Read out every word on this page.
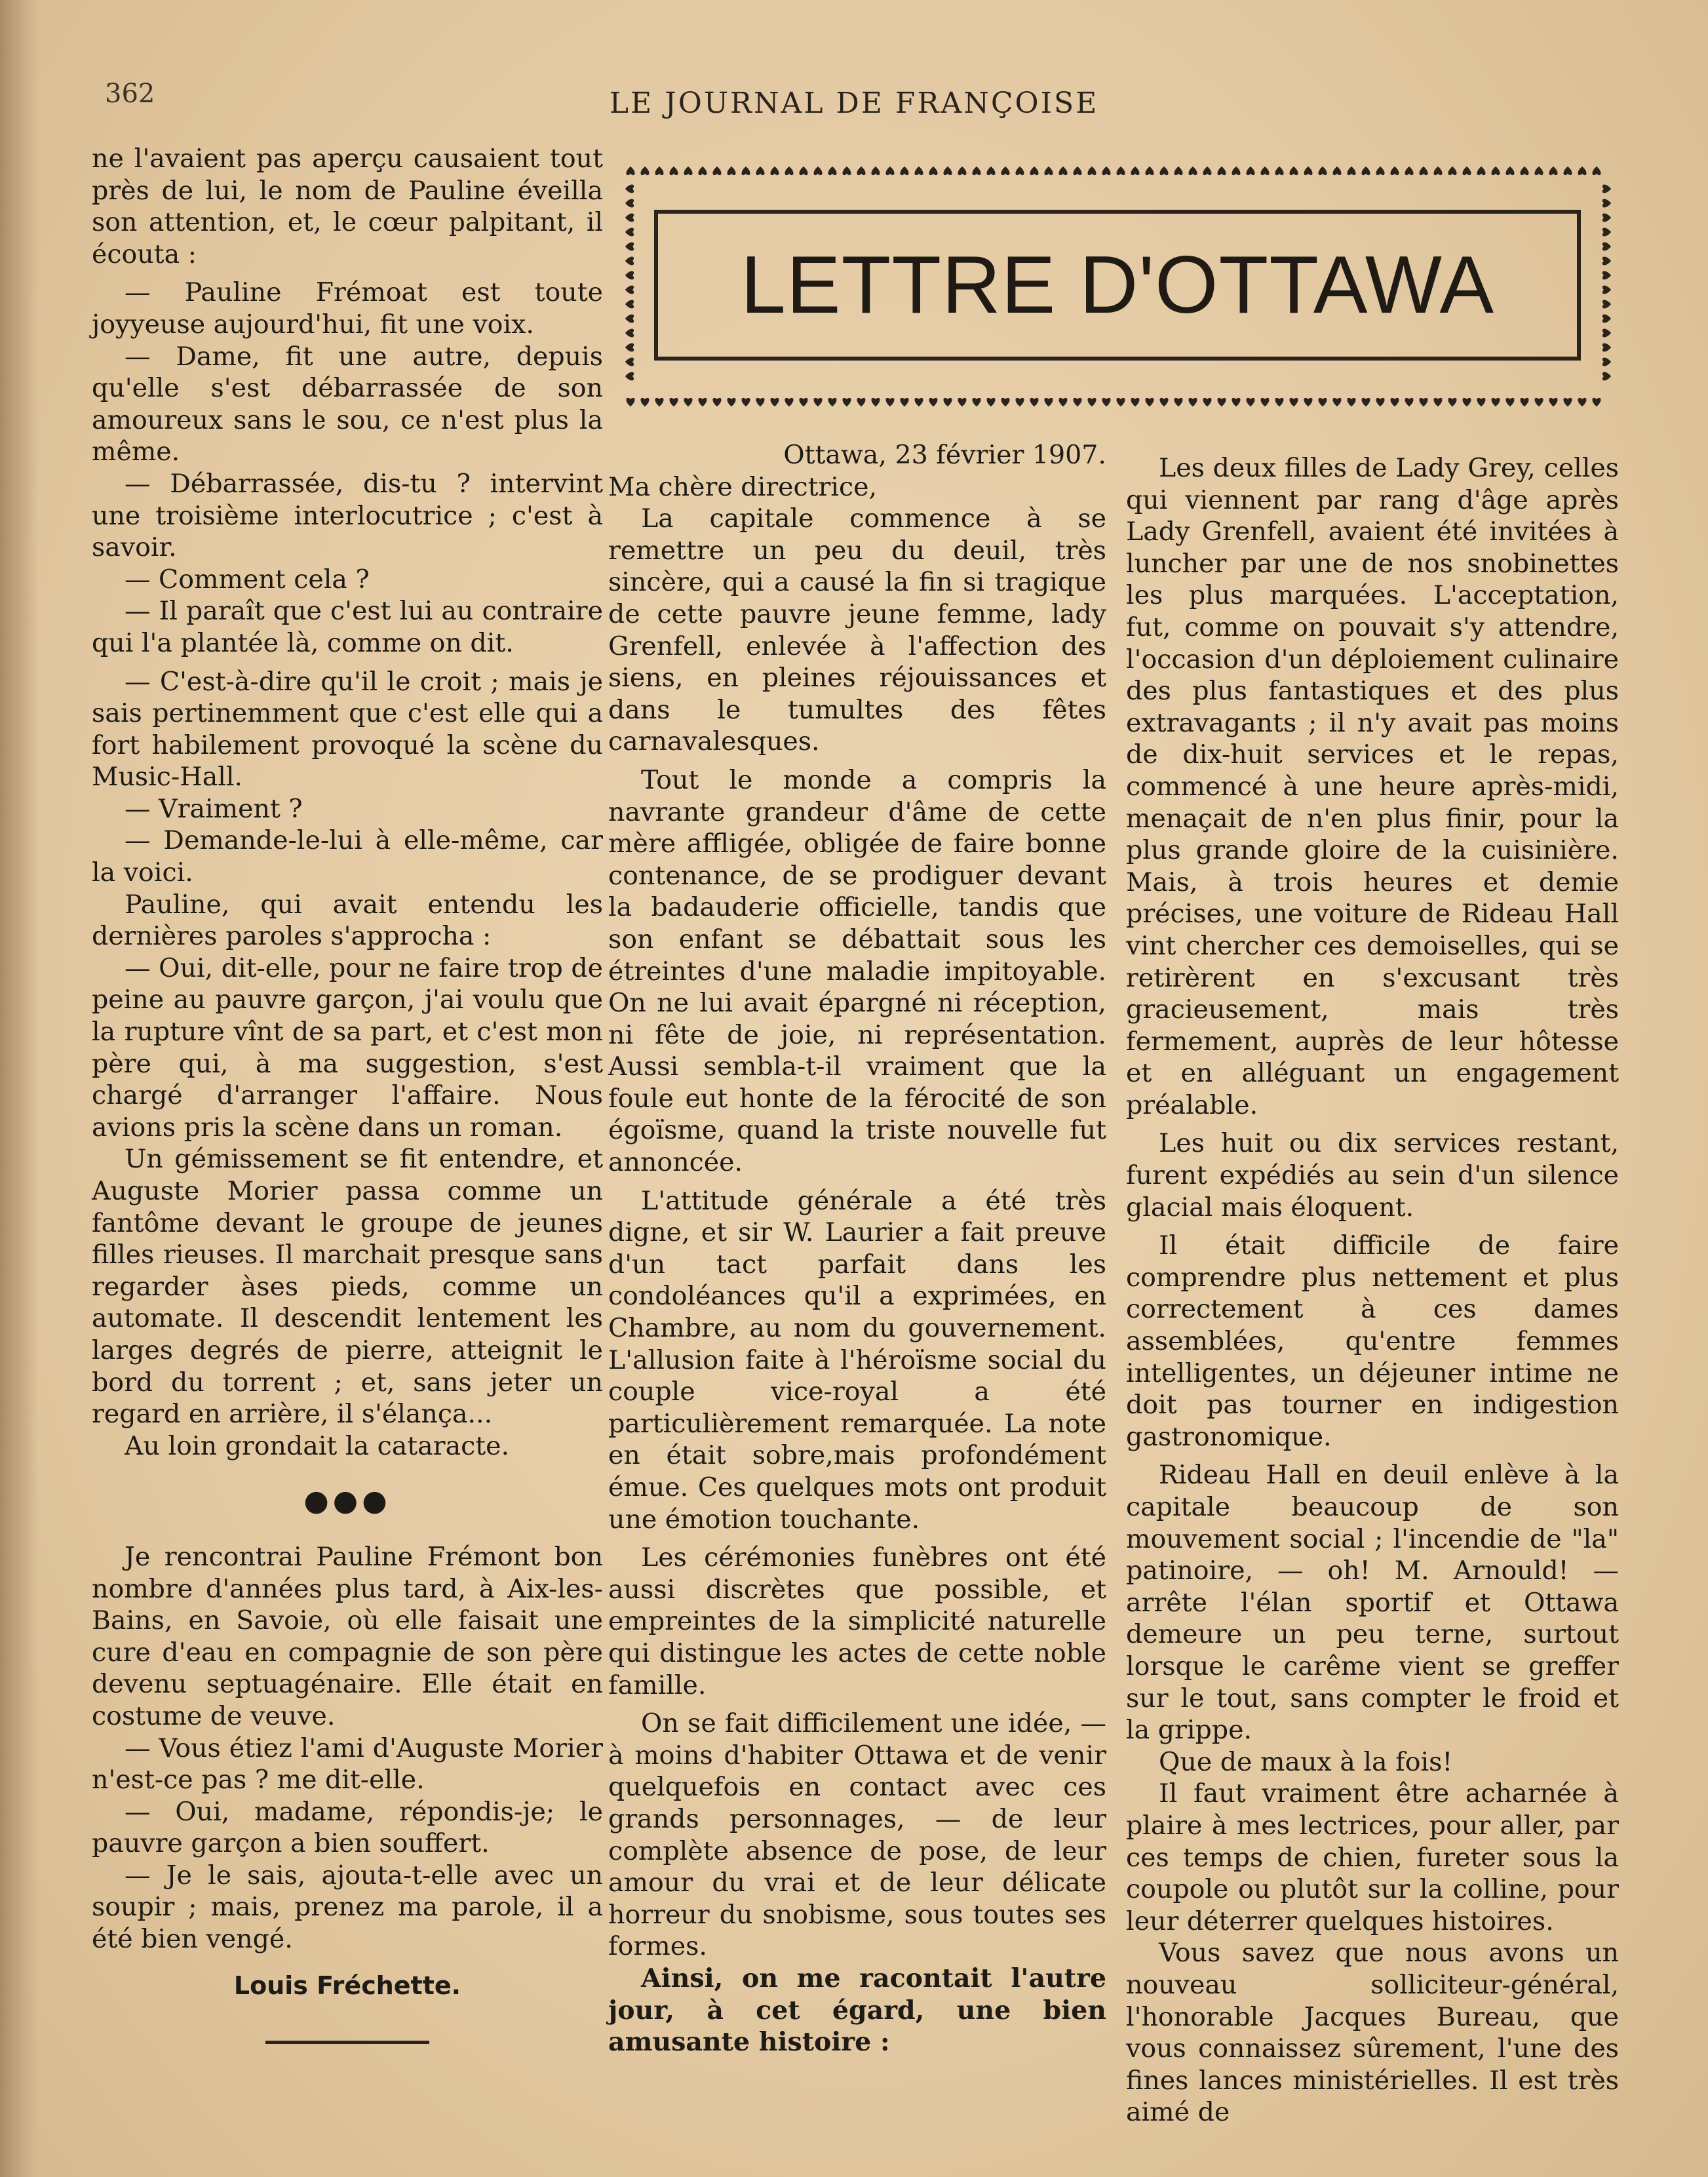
362	LE JOURNAL DE FRANÇOISE

ne l'avaient pas aperçu causaient tout près de lui, le nom de Pauline éveilla son attention, et, le cœur palpitant, il écouta :

— Pauline Frémoat est toute joyyeuse aujourd'hui, fit une voix.

— Dame, fit une autre, depuis qu'elle s'est débarrassée de son amoureux sans le sou, ce n'est plus la même.

— Débarrassée, dis-tu ? intervint une troisième interlocutrice ; c'est à savoir.

— Comment cela ?

— Il paraît que c'est lui au contraire qui l'a plantée là, comme on dit.

— C'est-à-dire qu'il le croit ; mais je sais pertinemment que c'est elle qui a fort habilement provoqué la scène du Music-Hall.

— Vraiment ?

— Demande-le-lui à elle-même, car la voici.

Pauline, qui avait entendu les dernières paroles s'approcha :

— Oui, dit-elle, pour ne faire trop de peine au pauvre garçon, j'ai voulu que la rupture vînt de sa part, et c'est mon père qui, à ma suggestion, s'est chargé d'arranger l'affaire. Nous avions pris la scène dans un roman.

Un gémissement se fit entendre, et Auguste Morier passa comme un fantôme devant le groupe de jeunes filles rieuses. Il marchait presque sans regarder àses pieds, comme un automate. Il descendit lentement les larges degrés de pierre, atteignit le bord du torrent ; et, sans jeter un regard en arrière, il s'élança...

Au loin grondait la cataracte.

●●●

Je rencontrai Pauline Frémont bon nombre d'années plus tard, à Aix-les-Bains, en Savoie, où elle faisait une cure d'eau en compagnie de son père devenu septuagénaire. Elle était en costume de veuve.

— Vous étiez l'ami d'Auguste Morier n'est-ce pas ? me dit-elle.

— Oui, madame, répondis-je; le pauvre garçon a bien souffert.

— Je le sais, ajouta-t-elle avec un soupir ; mais, prenez ma parole, il a été bien vengé.

Louis Fréchette.
LETTRE D'OTTAWA

Ottawa, 23 février 1907.

Ma chère directrice,

La capitale commence à se remettre un peu du deuil, très sincère, qui a causé la fin si tragique de cette pauvre jeune femme, lady Grenfell, enlevée à l'affection des siens, en pleines réjouissances et dans le tumultes des fêtes carnavalesques.

Tout le monde a compris la navrante grandeur d'âme de cette mère affligée, obligée de faire bonne contenance, de se prodiguer devant la badauderie officielle, tandis que son enfant se débattait sous les étreintes d'une maladie impitoyable. On ne lui avait épargné ni réception, ni fête de joie, ni représentation. Aussi sembla-t-il vraiment que la foule eut honte de la férocité de son égoïsme, quand la triste nouvelle fut annoncée.

L'attitude générale a été très digne, et sir W. Laurier a fait preuve d'un tact parfait dans les condoléances qu'il a exprimées, en Chambre, au nom du gouvernement. L'allusion faite à l'héroïsme social du couple vice-royal a été particulièrement remarquée. La note en était sobre,mais profondément émue. Ces quelques mots ont produit une émotion touchante.

Les cérémonies funèbres ont été aussi discrètes que possible, et empreintes de la simplicité naturelle qui distingue les actes de cette noble famille.

On se fait difficilement une idée, — à moins d'habiter Ottawa et de venir quelquefois en contact avec ces grands personnages, — de leur complète absence de pose, de leur amour du vrai et de leur délicate horreur du snobisme, sous toutes ses formes.

Ainsi, on me racontait l'autre jour, à cet égard, une bien amusante histoire :

Les deux filles de Lady Grey, celles qui viennent par rang d'âge après Lady Grenfell, avaient été invitées à luncher par une de nos snobinettes les plus marquées. L'acceptation, fut, comme on pouvait s'y attendre, l'occasion d'un déploiement culinaire des plus fantastiques et des plus extravagants ; il n'y avait pas moins de dix-huit services et le repas, commencé à une heure après-midi, menaçait de n'en plus finir, pour la plus grande gloire de la cuisinière. Mais, à trois heures et demie précises, une voiture de Rideau Hall vint chercher ces demoiselles, qui se retirèrent en s'excusant très gracieusement, mais très fermement, auprès de leur hôtesse et en alléguant un engagement préalable.

Les huit ou dix services restant, furent expédiés au sein d'un silence glacial mais éloquent.

Il était difficile de faire comprendre plus nettement et plus correctement à ces dames assemblées, qu'entre femmes intelligentes, un déjeuner intime ne doit pas tourner en indigestion gastronomique.

Rideau Hall en deuil enlève à la capitale beaucoup de son mouvement social ; l'incendie de "la" patinoire, — oh! M. Arnould! — arrête l'élan sportif et Ottawa demeure un peu terne, surtout lorsque le carême vient se greffer sur le tout, sans compter le froid et la grippe.

Que de maux à la fois!

Il faut vraiment être acharnée à plaire à mes lectrices, pour aller, par ces temps de chien, fureter sous la coupole ou plutôt sur la colline, pour leur déterrer quelques histoires.

Vous savez que nous avons un nouveau solliciteur-général, l'honorable Jacques Bureau, que vous connaissez sûrement, l'une des fines lances ministérielles. Il est très aimé de
